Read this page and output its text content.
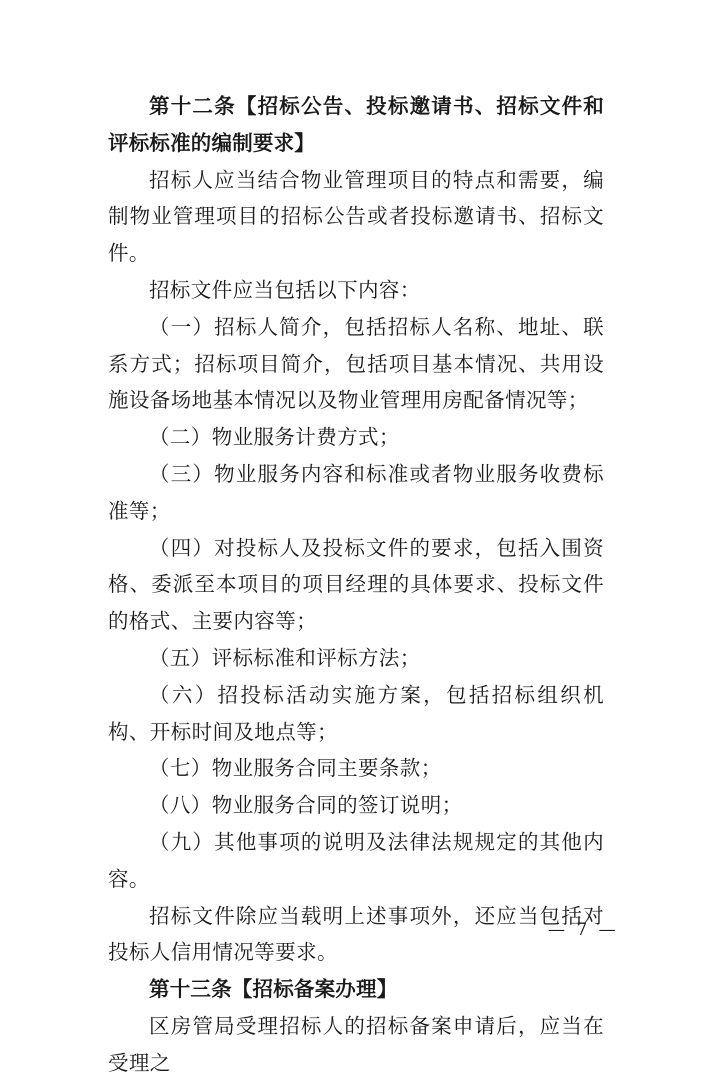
第十二条【招标公告、投标邀请书、招标文件和评标标准的编制要求】

招标人应当结合物业管理项目的特点和需要，编制物业管理项目的招标公告或者投标邀请书、招标文件。

招标文件应当包括以下内容：

（一）招标人简介，包括招标人名称、地址、联系方式；招标项目简介，包括项目基本情况、共用设施设备场地基本情况以及物业管理用房配备情况等；

（二）物业服务计费方式；

（三）物业服务内容和标准或者物业服务收费标准等；

（四）对投标人及投标文件的要求，包括入围资格、委派至本项目的项目经理的具体要求、投标文件的格式、主要内容等；

（五）评标标准和评标方法；

（六）招投标活动实施方案，包括招标组织机构、开标时间及地点等；

（七）物业服务合同主要条款；

（八）物业服务合同的签订说明；

（九）其他事项的说明及法律法规规定的其他内容。

招标文件除应当载明上述事项外，还应当包括对投标人信用情况等要求。

第十三条【招标备案办理】

区房管局受理招标人的招标备案申请后，应当在受理之

— 7 —
